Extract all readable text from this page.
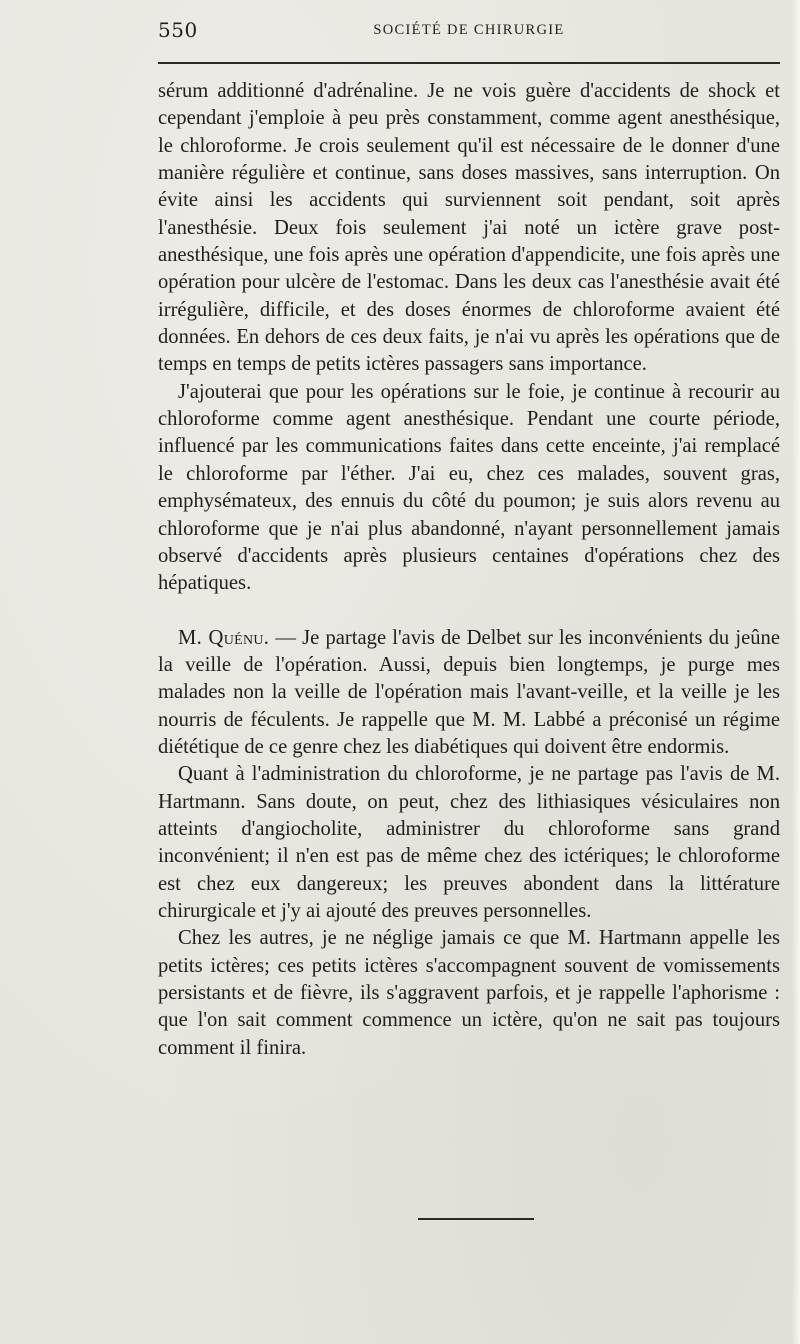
550	SOCIÉTÉ DE CHIRURGIE

sérum additionné d'adrénaline. Je ne vois guère d'accidents de shock et cependant j'emploie à peu près constamment, comme agent anesthésique, le chloroforme. Je crois seulement qu'il est nécessaire de le donner d'une manière régulière et continue, sans doses massives, sans interruption. On évite ainsi les accidents qui surviennent soit pendant, soit après l'anesthésie. Deux fois seulement j'ai noté un ictère grave post-anesthésique, une fois après une opération d'appendicite, une fois après une opération pour ulcère de l'estomac. Dans les deux cas l'anesthésie avait été irrégulière, difficile, et des doses énormes de chloroforme avaient été données. En dehors de ces deux faits, je n'ai vu après les opérations que de temps en temps de petits ictères passagers sans importance.

J'ajouterai que pour les opérations sur le foie, je continue à recourir au chloroforme comme agent anesthésique. Pendant une courte période, influencé par les communications faites dans cette enceinte, j'ai remplacé le chloroforme par l'éther. J'ai eu, chez ces malades, souvent gras, emphysémateux, des ennuis du côté du poumon; je suis alors revenu au chloroforme que je n'ai plus abandonné, n'ayant personnellement jamais observé d'accidents après plusieurs centaines d'opérations chez des hépatiques.

M. Quénu. — Je partage l'avis de Delbet sur les inconvénients du jeûne la veille de l'opération. Aussi, depuis bien longtemps, je purge mes malades non la veille de l'opération mais l'avant-veille, et la veille je les nourris de féculents. Je rappelle que M. M. Labbé a préconisé un régime diététique de ce genre chez les diabétiques qui doivent être endormis.

Quant à l'administration du chloroforme, je ne partage pas l'avis de M. Hartmann. Sans doute, on peut, chez des lithiasiques vésiculaires non atteints d'angiocholite, administrer du chloroforme sans grand inconvénient; il n'en est pas de même chez des ictériques; le chloroforme est chez eux dangereux; les preuves abondent dans la littérature chirurgicale et j'y ai ajouté des preuves personnelles.

Chez les autres, je ne néglige jamais ce que M. Hartmann appelle les petits ictères; ces petits ictères s'accompagnent souvent de vomissements persistants et de fièvre, ils s'aggravent parfois, et je rappelle l'aphorisme : que l'on sait comment commence un ictère, qu'on ne sait pas toujours comment il finira.
